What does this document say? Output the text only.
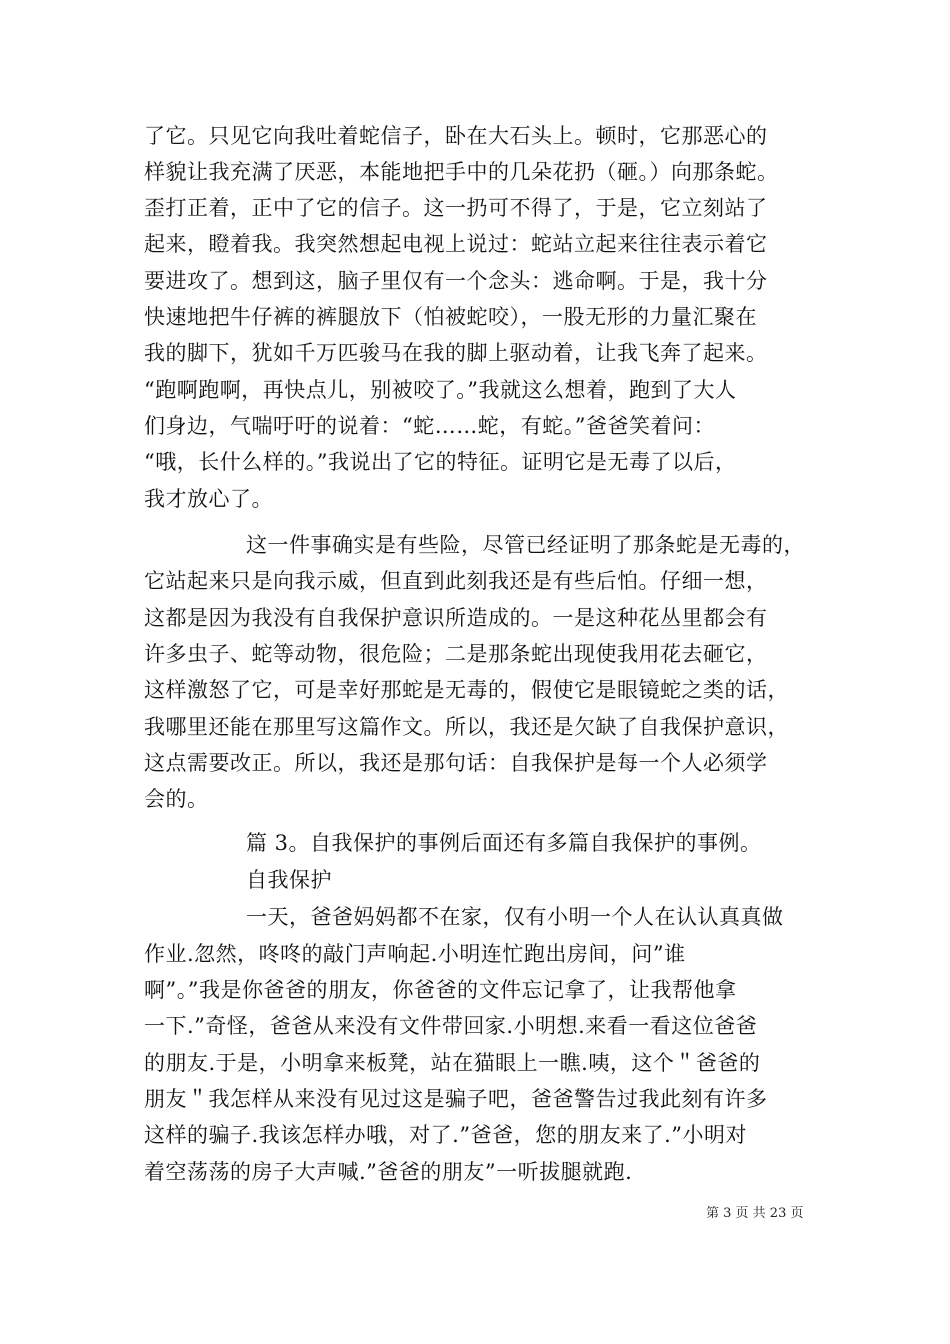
了它。只见它向我吐着蛇信子，卧在大石头上。顿时，它那恶心的
样貌让我充满了厌恶，本能地把手中的几朵花扔（砸。）向那条蛇。
歪打正着，正中了它的信子。这一扔可不得了，于是，它立刻站了
起来，瞪着我。我突然想起电视上说过：蛇站立起来往往表示着它
要进攻了。想到这，脑子里仅有一个念头：逃命啊。于是，我十分
快速地把牛仔裤的裤腿放下（怕被蛇咬），一股无形的力量汇聚在
我的脚下，犹如千万匹骏马在我的脚上驱动着，让我飞奔了起来。
“跑啊跑啊，再快点儿，别被咬了。”我就这么想着，跑到了大人
们身边，气喘吁吁的说着：“蛇……蛇，有蛇。”爸爸笑着问：
“哦，长什么样的。”我说出了它的特征。证明它是无毒了以后，
我才放心了。
这一件事确实是有些险，尽管已经证明了那条蛇是无毒的，
它站起来只是向我示威，但直到此刻我还是有些后怕。仔细一想，
这都是因为我没有自我保护意识所造成的。一是这种花丛里都会有
许多虫子、蛇等动物，很危险；二是那条蛇出现使我用花去砸它，
这样激怒了它，可是幸好那蛇是无毒的，假使它是眼镜蛇之类的话，
我哪里还能在那里写这篇作文。所以，我还是欠缺了自我保护意识，
这点需要改正。所以，我还是那句话：自我保护是每一个人必须学
会的。
篇 3。自我保护的事例后面还有多篇自我保护的事例。
自我保护
一天，爸爸妈妈都不在家，仅有小明一个人在认认真真做
作业.忽然，咚咚的敲门声响起.小明连忙跑出房间，问”谁
啊”。”我是你爸爸的朋友，你爸爸的文件忘记拿了，让我帮他拿
一下.”奇怪，爸爸从来没有文件带回家.小明想.来看一看这位爸爸
的朋友.于是，小明拿来板凳，站在猫眼上一瞧.咦，这个＂爸爸的
朋友＂我怎样从来没有见过这是骗子吧，爸爸警告过我此刻有许多
这样的骗子.我该怎样办哦，对了.”爸爸，您的朋友来了.”小明对
着空荡荡的房子大声喊.”爸爸的朋友”一听拔腿就跑.
第 3 页 共 23 页
